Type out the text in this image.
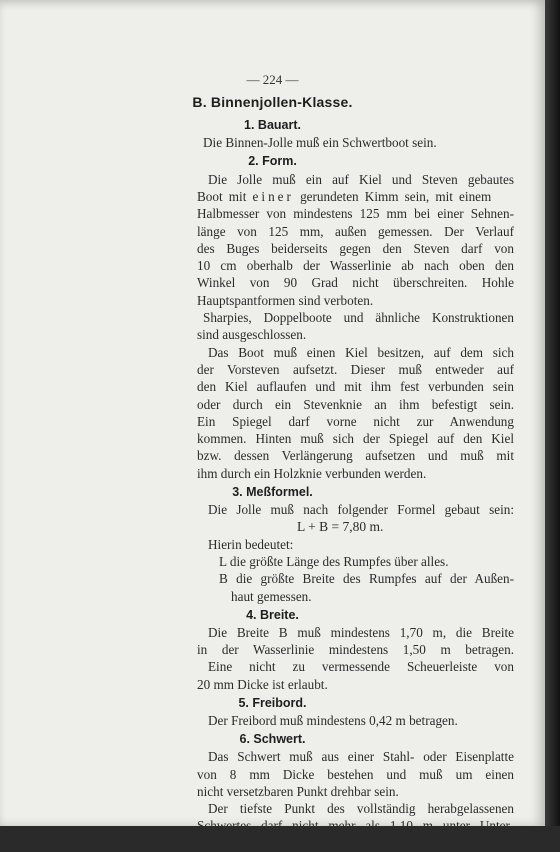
— 224 —
B. Binnenjollen-Klasse.
1. Bauart.
Die Binnen-Jolle muß ein Schwertboot sein.
2. Form.
Die Jolle muß ein auf Kiel und Steven gebautes
Boot mit einer gerundeten Kimm sein, mit einem
Halbmesser von mindestens 125 mm bei einer Sehnen-
länge von 125 mm, außen gemessen. Der Verlauf
des Buges beiderseits gegen den Steven darf von
10 cm oberhalb der Wasserlinie ab nach oben den
Winkel von 90 Grad nicht überschreiten. Hohle
Hauptspantformen sind verboten.
Sharpies, Doppelboote und ähnliche Konstruktionen
sind ausgeschlossen.
Das Boot muß einen Kiel besitzen, auf dem sich
der Vorsteven aufsetzt. Dieser muß entweder auf
den Kiel auflaufen und mit ihm fest verbunden sein
oder durch ein Stevenknie an ihm befestigt sein.
Ein Spiegel darf vorne nicht zur Anwendung
kommen. Hinten muß sich der Spiegel auf den Kiel
bzw. dessen Verlängerung aufsetzen und muß mit
ihm durch ein Holzknie verbunden werden.
3. Meßformel.
Die Jolle muß nach folgender Formel gebaut sein:
L + B = 7,80 m.
Hierin bedeutet:
L die größte Länge des Rumpfes über alles.
B die größte Breite des Rumpfes auf der Außen-
haut gemessen.
4. Breite.
Die Breite B muß mindestens 1,70 m, die Breite
in der Wasserlinie mindestens 1,50 m betragen.
Eine nicht zu vermessende Scheuerleiste von
20 mm Dicke ist erlaubt.
5. Freibord.
Der Freibord muß mindestens 0,42 m betragen.
6. Schwert.
Das Schwert muß aus einer Stahl- oder Eisenplatte
von 8 mm Dicke bestehen und muß um einen
nicht versetzbaren Punkt drehbar sein.
Der tiefste Punkt des vollständig herabgelassenen
Schwertes darf nicht mehr als 1,10 m unter Unter-
kante Kiel liegen.
